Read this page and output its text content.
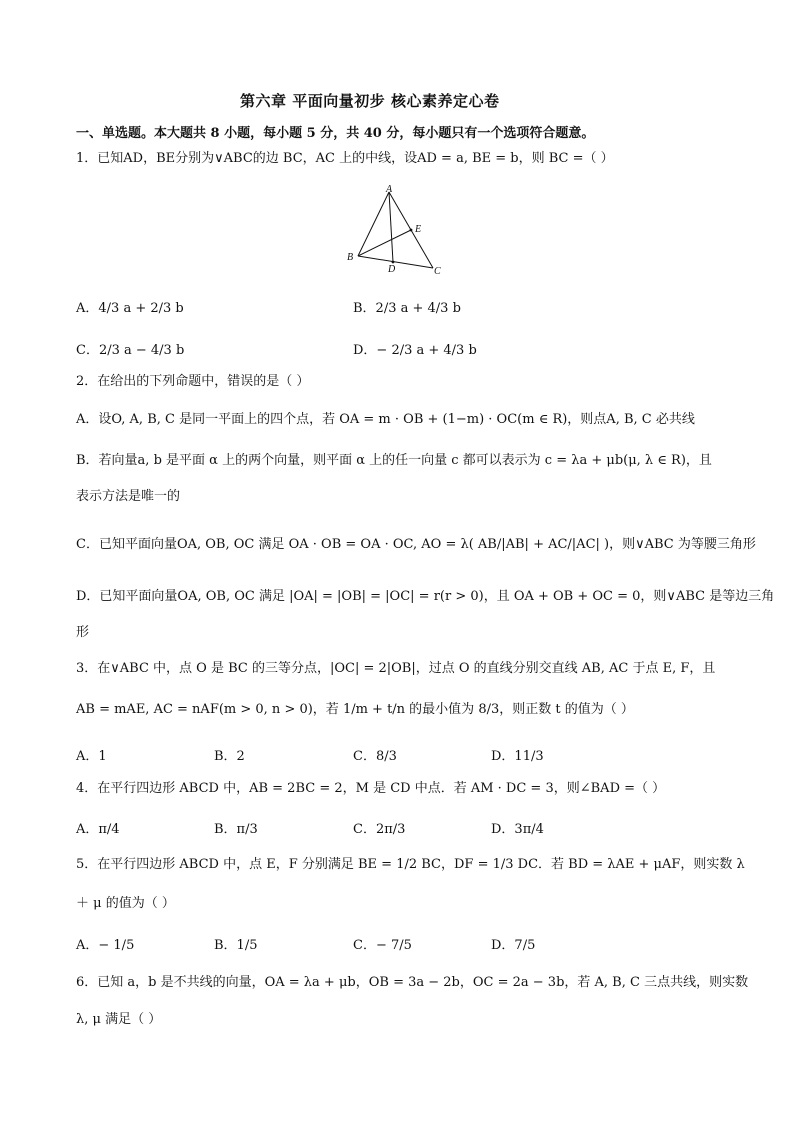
第六章 平面向量初步 核心素养定心卷
一、单选题。本大题共 8 小题，每小题 5 分，共 40 分，每小题只有一个选项符合题意。
1．已知AD，BE分别为∨ABC的边 BC，AC 上的中线，设AD = a, BE = b，则 BC =（ ）
A
B
C
D
E
A．4/3 a + 2/3 b	B．2/3 a + 4/3 b
C．2/3 a − 4/3 b	D．− 2/3 a + 4/3 b
2．在给出的下列命题中，错误的是（ ）
A．设O, A, B, C 是同一平面上的四个点，若 OA = m · OB + (1−m) · OC(m ∈ R)，则点A, B, C 必共线
B．若向量a, b 是平面 α 上的两个向量，则平面 α 上的任一向量 c 都可以表示为 c = λa + μb(μ, λ ∈ R)，且
表示方法是唯一的
C．已知平面向量OA, OB, OC 满足 OA · OB = OA · OC, AO = λ( AB/|AB| + AC/|AC| )，则∨ABC 为等腰三角形
D．已知平面向量OA, OB, OC 满足 |OA| = |OB| = |OC| = r(r > 0)，且 OA + OB + OC = 0，则∨ABC 是等边三角
形
3．在∨ABC 中，点 O 是 BC 的三等分点，|OC| = 2|OB|，过点 O 的直线分别交直线 AB, AC 于点 E, F，且
AB = mAE, AC = nAF(m > 0, n > 0)，若 1/m + t/n 的最小值为 8/3，则正数 t 的值为（ ）
A．1	B．2	C．8/3	D．11/3
4．在平行四边形 ABCD 中，AB = 2BC = 2，M 是 CD 中点．若 AM · DC = 3，则∠BAD =（ ）
A．π/4	B．π/3	C．2π/3	D．3π/4
5．在平行四边形 ABCD 中，点 E，F 分别满足 BE = 1/2 BC，DF = 1/3 DC．若 BD = λAE + μAF，则实数 λ
＋ μ 的值为（ ）
A．− 1/5	B．1/5	C．− 7/5	D．7/5
6．已知 a，b 是不共线的向量，OA = λa + μb，OB = 3a − 2b，OC = 2a − 3b，若 A, B, C 三点共线，则实数
λ, μ 满足（ ）
